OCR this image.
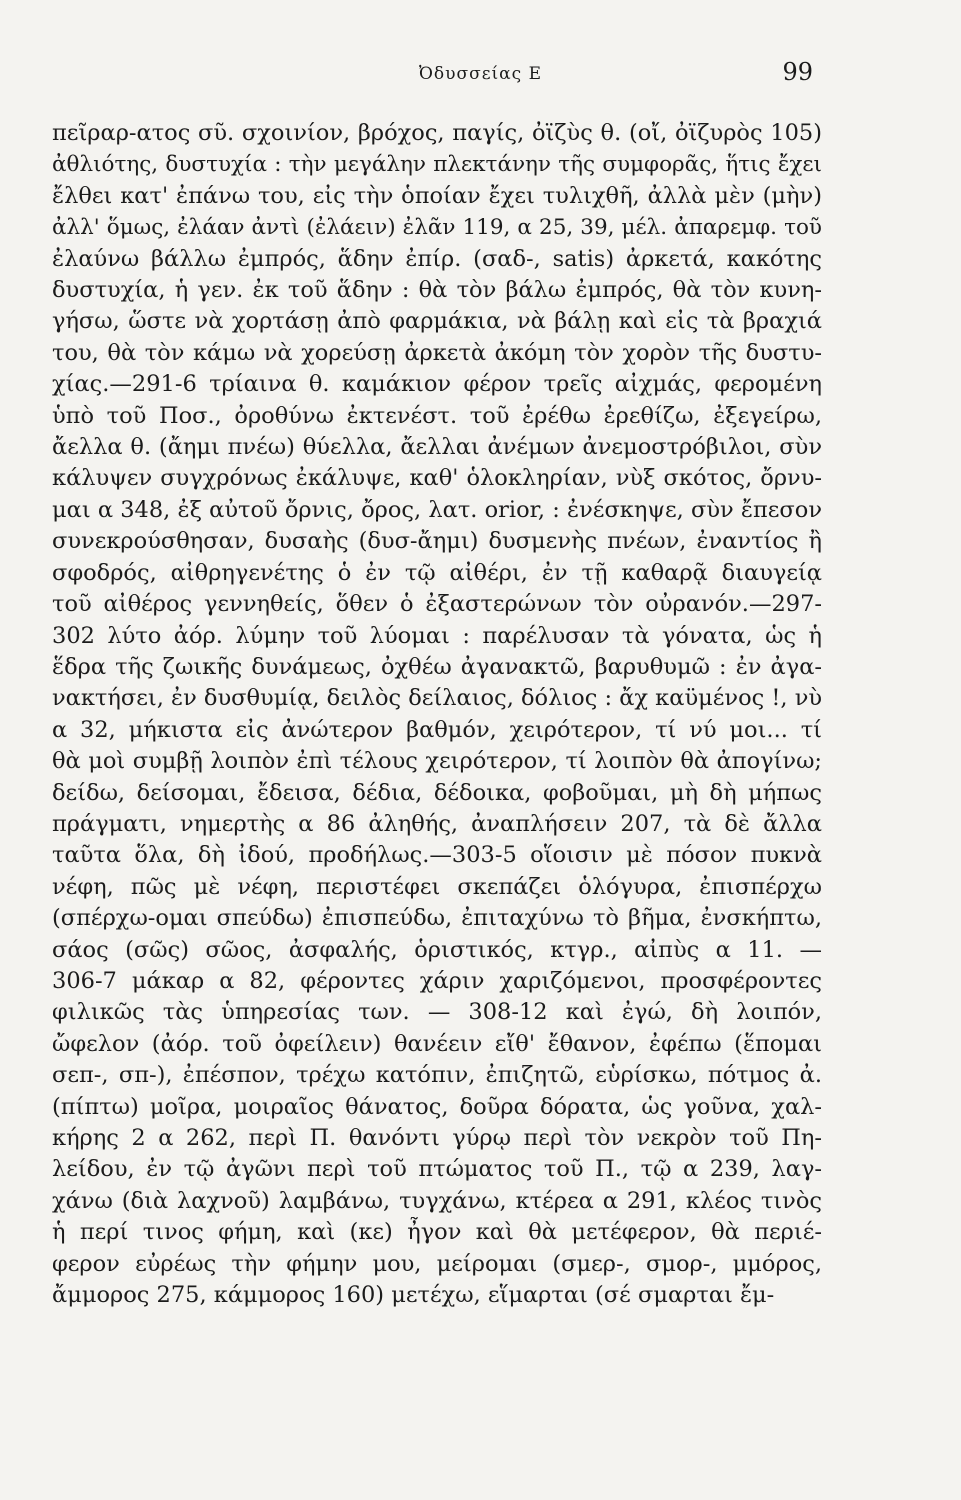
Ὀδυσσείας Ε	99
πεῖραρ-ατος σῦ. σχοινίον, βρόχος, παγίς, ὀϊζὺς θ. (οἴ, ὀϊζυρὸς 105)
ἀθλιότης, δυστυχία : τὴν μεγάλην πλεκτάνην τῆς συμφορᾶς, ἥτις ἔχει
ἔλθει κατ' ἐπάνω του, εἰς τὴν ὁποίαν ἔχει τυλιχθῆ, ἀλλὰ μὲν (μὴν)
ἀλλ' ὅμως, ἐλάαν ἀντὶ (ἐλάειν) ἐλᾶν 119, α 25, 39, μέλ. ἀπαρεμφ. τοῦ
ἐλαύνω βάλλω ἐμπρός, ἅδην ἐπίρ. (σαδ-, satis) ἀρκετά, κακότης
δυστυχία, ἡ γεν. ἐκ τοῦ ἅδην : θὰ τὸν βάλω ἐμπρός, θὰ τὸν κυνη-
γήσω, ὥστε νὰ χορτάσῃ ἀπὸ φαρμάκια, νὰ βάλῃ καὶ εἰς τὰ βραχιά
του, θὰ τὸν κάμω νὰ χορεύσῃ ἀρκετὰ ἀκόμη τὸν χορὸν τῆς δυστυ-
χίας.—291-6 τρίαινα θ. καμάκιον φέρον τρεῖς αἰχμάς, φερομένη
ὑπὸ τοῦ Ποσ., ὀροθύνω ἐκτενέστ. τοῦ ἐρέθω ἐρεθίζω, ἐξεγείρω,
ἄελλα θ. (ἄημι πνέω) θύελλα, ἄελλαι ἀνέμων ἀνεμοστρόβιλοι, σὺν
κάλυψεν συγχρόνως ἐκάλυψε, καθ' ὁλοκληρίαν, νὺξ σκότος, ὄρνυ-
μαι α 348, ἐξ αὐτοῦ ὄρνις, ὄρος, λατ. orior, : ἐνέσκηψε, σὺν ἔπεσον
συνεκρούσθησαν, δυσαὴς (δυσ-ἄημι) δυσμενὴς πνέων, ἐναντίος ἢ
σφοδρός, αἰθρηγενέτης ὁ ἐν τῷ αἰθέρι, ἐν τῇ καθαρᾷ διαυγείᾳ
τοῦ αἰθέρος γεννηθείς, ὅθεν ὁ ἐξαστερώνων τὸν οὐρανόν.—297-
302 λύτο ἀόρ. λύμην τοῦ λύομαι : παρέλυσαν τὰ γόνατα, ὡς ἡ
ἕδρα τῆς ζωικῆς δυνάμεως, ὀχθέω ἀγανακτῶ, βαρυθυμῶ : ἐν ἀγα-
νακτήσει, ἐν δυσθυμίᾳ, δειλὸς δείλαιος, δόλιος : ἄχ καϋμένος !, νὺ
α 32, μήκιστα εἰς ἀνώτερον βαθμόν, χειρότερον, τί νύ μοι... τί
θὰ μοὶ συμβῇ λοιπὸν ἐπὶ τέλους χειρότερον, τί λοιπὸν θὰ ἀπογίνω;
δείδω, δείσομαι, ἔδεισα, δέδια, δέδοικα, φοβοῦμαι, μὴ δὴ μήπως
πράγματι, νημερτὴς α 86 ἀληθής, ἀναπλήσειν 207, τὰ δὲ ἄλλα
ταῦτα ὅλα, δὴ ἰδού, προδήλως.—303-5 οἵοισιν μὲ πόσον πυκνὰ
νέφη, πῶς μὲ νέφη, περιστέφει σκεπάζει ὁλόγυρα, ἐπισπέρχω
(σπέρχω-ομαι σπεύδω) ἐπισπεύδω, ἐπιταχύνω τὸ βῆμα, ἐνσκήπτω,
σάος (σῶς) σῶος, ἀσφαλής, ὁριστικός, κτγρ., αἰπὺς α 11. —
306-7 μάκαρ α 82, φέροντες χάριν χαριζόμενοι, προσφέροντες
φιλικῶς τὰς ὑπηρεσίας των. — 308-12 καὶ ἐγώ, δὴ λοιπόν,
ὤφελον (ἀόρ. τοῦ ὀφείλειν) θανέειν εἴθ' ἔθανον, ἐφέπω (ἕπομαι
σεπ-, σπ-), ἐπέσπον, τρέχω κατόπιν, ἐπιζητῶ, εὑρίσκω, πότμος ἀ.
(πίπτω) μοῖρα, μοιραῖος θάνατος, δοῦρα δόρατα, ὡς γοῦνα, χαλ-
κήρης 2 α 262, περὶ Π. θανόντι γύρῳ περὶ τὸν νεκρὸν τοῦ Πη-
λείδου, ἐν τῷ ἀγῶνι περὶ τοῦ πτώματος τοῦ Π., τῷ α 239, λαγ-
χάνω (διὰ λαχνοῦ) λαμβάνω, τυγχάνω, κτέρεα α 291, κλέος τινὸς
ἡ περί τινος φήμη, καὶ (κε) ἦγον καὶ θὰ μετέφερον, θὰ περιέ-
φερον εὐρέως τὴν φήμην μου, μείρομαι (σμερ-, σμορ-, μμόρος,
ἄμμορος 275, κάμμορος 160) μετέχω, εἵμαρται (σέ σμαρται ἔμ-
